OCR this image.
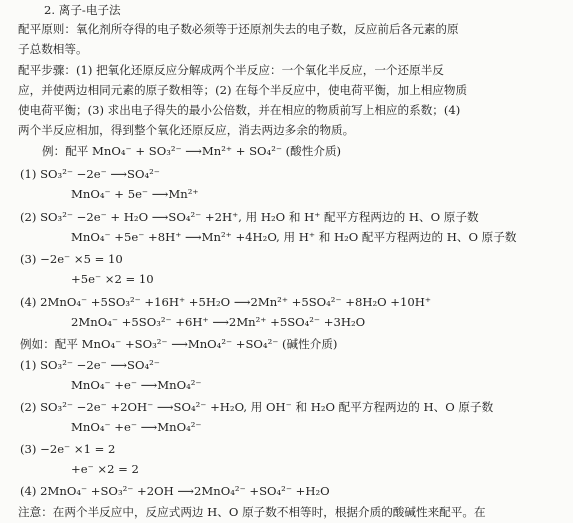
2. 离子-电子法
配平原则：氧化剂所夺得的电子数必须等于还原剂失去的电子数，反应前后各元素的原
子总数相等。
配平步骤：(1) 把氧化还原反应分解成两个半反应：一个氧化半反应，一个还原半反
应，并使两边相同元素的原子数相等；(2) 在每个半反应中，使电荷平衡，加上相应物质
使电荷平衡；(3) 求出电子得失的最小公倍数，并在相应的物质前写上相应的系数；(4)
两个半反应相加，得到整个氧化还原反应，消去两边多余的物质。
例：配平 MnO₄⁻ + SO₃²⁻ ⟶Mn²⁺ + SO₄²⁻ (酸性介质)
(1) SO₃²⁻ −2e⁻ ⟶SO₄²⁻
MnO₄⁻ + 5e⁻ ⟶Mn²⁺
(2) SO₃²⁻ −2e⁻ + H₂O ⟶SO₄²⁻ +2H⁺, 用 H₂O 和 H⁺ 配平方程两边的 H、O 原子数
MnO₄⁻ +5e⁻ +8H⁺ ⟶Mn²⁺ +4H₂O, 用 H⁺ 和 H₂O 配平方程两边的 H、O 原子数
(3) −2e⁻ ×5 = 10
+5e⁻ ×2 = 10
(4) 2MnO₄⁻ +5SO₃²⁻ +16H⁺ +5H₂O ⟶2Mn²⁺ +5SO₄²⁻ +8H₂O +10H⁺
2MnO₄⁻ +5SO₃²⁻ +6H⁺ ⟶2Mn²⁺ +5SO₄²⁻ +3H₂O
例如：配平 MnO₄⁻ +SO₃²⁻ ⟶MnO₄²⁻ +SO₄²⁻ (碱性介质)
(1) SO₃²⁻ −2e⁻ ⟶SO₄²⁻
MnO₄⁻ +e⁻ ⟶MnO₄²⁻
(2) SO₃²⁻ −2e⁻ +2OH⁻ ⟶SO₄²⁻ +H₂O, 用 OH⁻ 和 H₂O 配平方程两边的 H、O 原子数
MnO₄⁻ +e⁻ ⟶MnO₄²⁻
(3) −2e⁻ ×1 = 2
+e⁻ ×2 = 2
(4) 2MnO₄⁻ +SO₃²⁻ +2OH ⟶2MnO₄²⁻ +SO₄²⁻ +H₂O
注意：在两个半反应中，反应式两边 H、O 原子数不相等时，根据介质的酸碱性来配平。在
